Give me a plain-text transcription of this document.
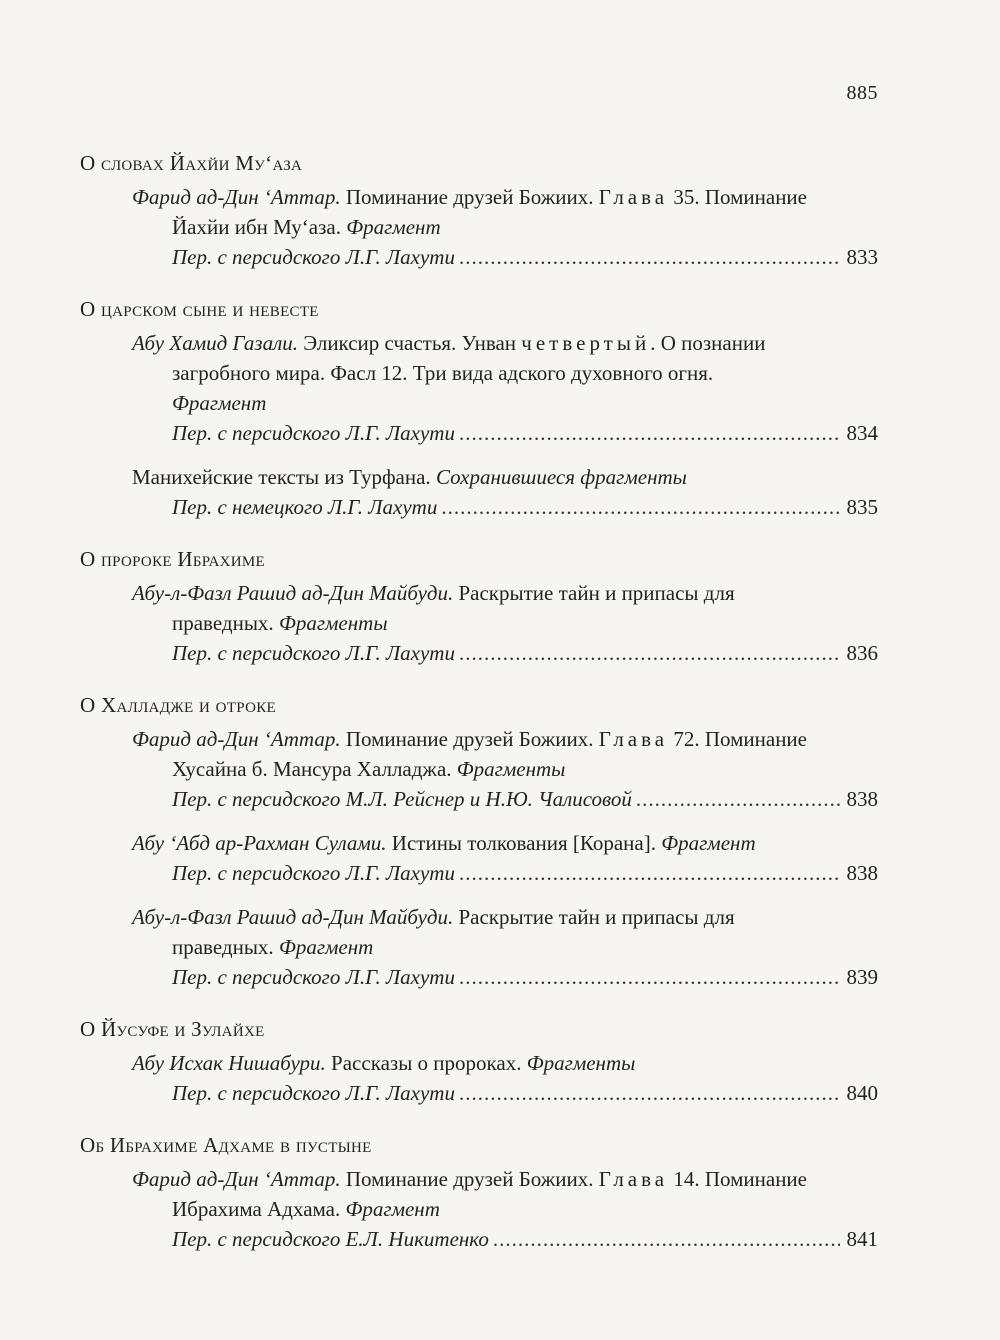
885
О словах Йахйи Му‘аза
Фарид ад-Дин ‘Аттар. Поминание друзей Божиих. Глава 35. Поминание Йахйи ибн Му‘аза. Фрагмент
Пер. с персидского Л.Г. Лахути .....	833
О царском сыне и невесте
Абу Хамид Газали. Эликсир счастья. Унван четвертый. О познании загробного мира. Фасл 12. Три вида адского духовного огня. Фрагмент
Пер. с персидского Л.Г. Лахути .....	834
Манихейские тексты из Турфана. Сохранившиеся фрагменты
Пер. с немецкого Л.Г. Лахути .....	835
О пророке Ибрахиме
Абу-л-Фазл Рашид ад-Дин Майбуди. Раскрытие тайн и припасы для праведных. Фрагменты
Пер. с персидского Л.Г. Лахути .....	836
О Халладже и отроке
Фарид ад-Дин ‘Аттар. Поминание друзей Божиих. Глава 72. Поминание Хусайна б. Мансура Халладжа. Фрагменты
Пер. с персидского М.Л. Рейснер и Н.Ю. Чалисовой .....	838
Абу ‘Абд ар-Рахман Сулами. Истины толкования [Корана]. Фрагмент
Пер. с персидского Л.Г. Лахути .....	838
Абу-л-Фазл Рашид ад-Дин Майбуди. Раскрытие тайн и припасы для праведных. Фрагмент
Пер. с персидского Л.Г. Лахути .....	839
О Йусуфе и Зулайхе
Абу Исхак Нишабури. Рассказы о пророках. Фрагменты
Пер. с персидского Л.Г. Лахути .....	840
Об Ибрахиме Адхаме в пустыне
Фарид ад-Дин ‘Аттар. Поминание друзей Божиих. Глава 14. Поминание Ибрахима Адхама. Фрагмент
Пер. с персидского Е.Л. Никитенко .....	841
